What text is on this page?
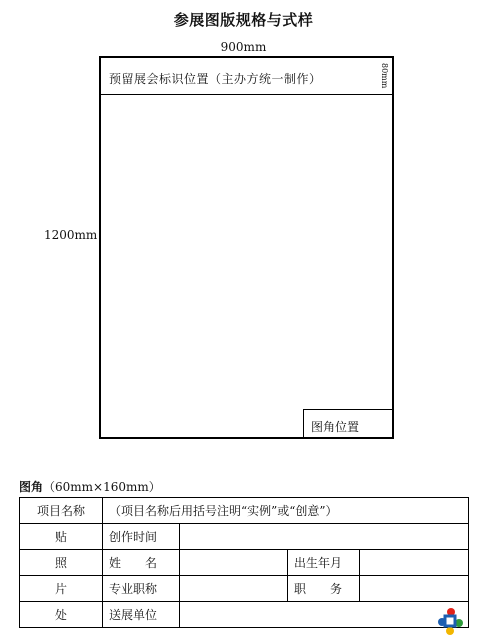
参展图版规格与式样
900mm
1200mm
预留展会标识位置（主办方统一制作）	80mm
图角位置
图角（60mm×160mm）
项目名称	（项目名称后用括号注明“实例”或“创意”）			
贴	创作时间			
照	姓　　名		出生年月	
片	专业职称		职　　务	
处	送展单位			
